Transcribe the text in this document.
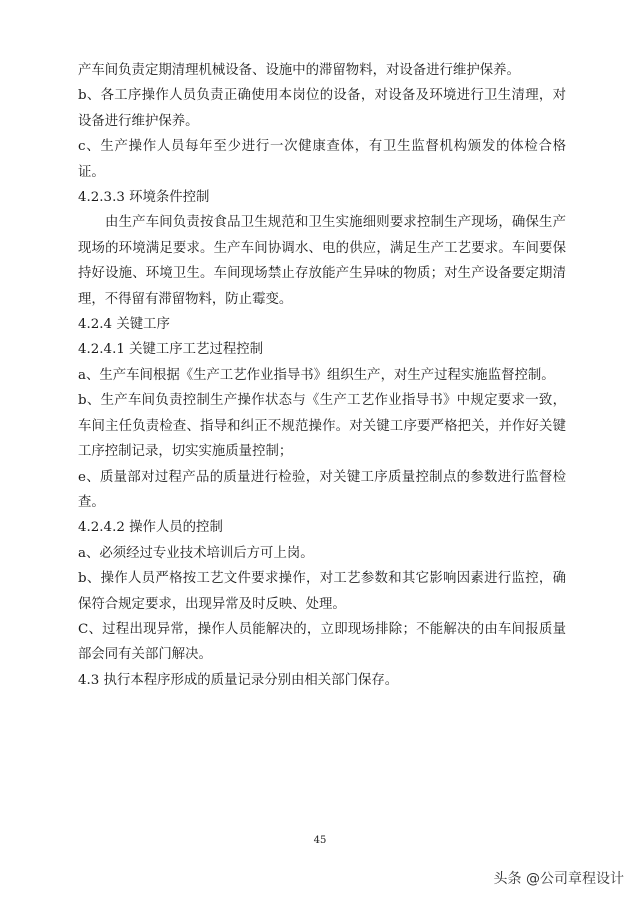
产车间负责定期清理机械设备、设施中的滞留物料，对设备进行维护保养。

b、各工序操作人员负责正确使用本岗位的设备，对设备及环境进行卫生清理，对设备进行维护保养。

c、生产操作人员每年至少进行一次健康查体，有卫生监督机构颁发的体检合格证。

4.2.3.3 环境条件控制

由生产车间负责按食品卫生规范和卫生实施细则要求控制生产现场，确保生产现场的环境满足要求。生产车间协调水、电的供应，满足生产工艺要求。车间要保持好设施、环境卫生。车间现场禁止存放能产生异味的物质；对生产设备要定期清理，不得留有滞留物料，防止霉变。

4.2.4 关键工序

4.2.4.1 关键工序工艺过程控制

a、生产车间根据《生产工艺作业指导书》组织生产，对生产过程实施监督控制。

b、生产车间负责控制生产操作状态与《生产工艺作业指导书》中规定要求一致，车间主任负责检查、指导和纠正不规范操作。对关键工序要严格把关，并作好关键工序控制记录，切实实施质量控制；

e、质量部对过程产品的质量进行检验，对关键工序质量控制点的参数进行监督检查。

4.2.4.2 操作人员的控制

a、必须经过专业技术培训后方可上岗。

b、操作人员严格按工艺文件要求操作，对工艺参数和其它影响因素进行监控，确保符合规定要求，出现异常及时反映、处理。

C、过程出现异常，操作人员能解决的，立即现场排除；不能解决的由车间报质量部会同有关部门解决。

4.3 执行本程序形成的质量记录分别由相关部门保存。

45
头条 @公司章程设计
